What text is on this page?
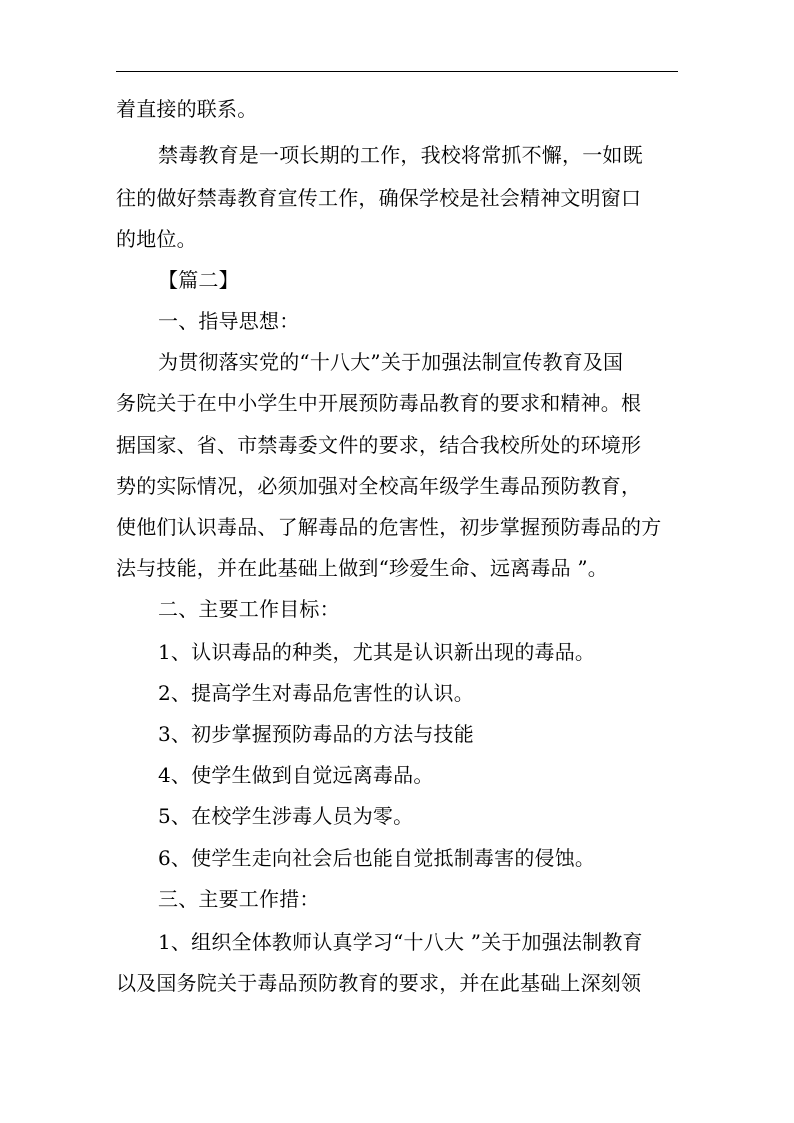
着直接的联系。
禁毒教育是一项长期的工作，我校将常抓不懈，一如既
往的做好禁毒教育宣传工作，确保学校是社会精神文明窗口
的地位。
【篇二】
一、指导思想：
为贯彻落实党的“十八大”关于加强法制宣传教育及国
务院关于在中小学生中开展预防毒品教育的要求和精神。根
据国家、省、市禁毒委文件的要求，结合我校所处的环境形
势的实际情况，必须加强对全校高年级学生毒品预防教育，
使他们认识毒品、了解毒品的危害性，初步掌握预防毒品的方
法与技能，并在此基础上做到“珍爱生命、远离毒品 ”。
二、主要工作目标：
1、认识毒品的种类，尤其是认识新出现的毒品。
2、提高学生对毒品危害性的认识。
3、初步掌握预防毒品的方法与技能
4、使学生做到自觉远离毒品。
5、在校学生涉毒人员为零。
6、使学生走向社会后也能自觉抵制毒害的侵蚀。
三、主要工作措：
1、组织全体教师认真学习“十八大 ”关于加强法制教育
以及国务院关于毒品预防教育的要求，并在此基础上深刻领
